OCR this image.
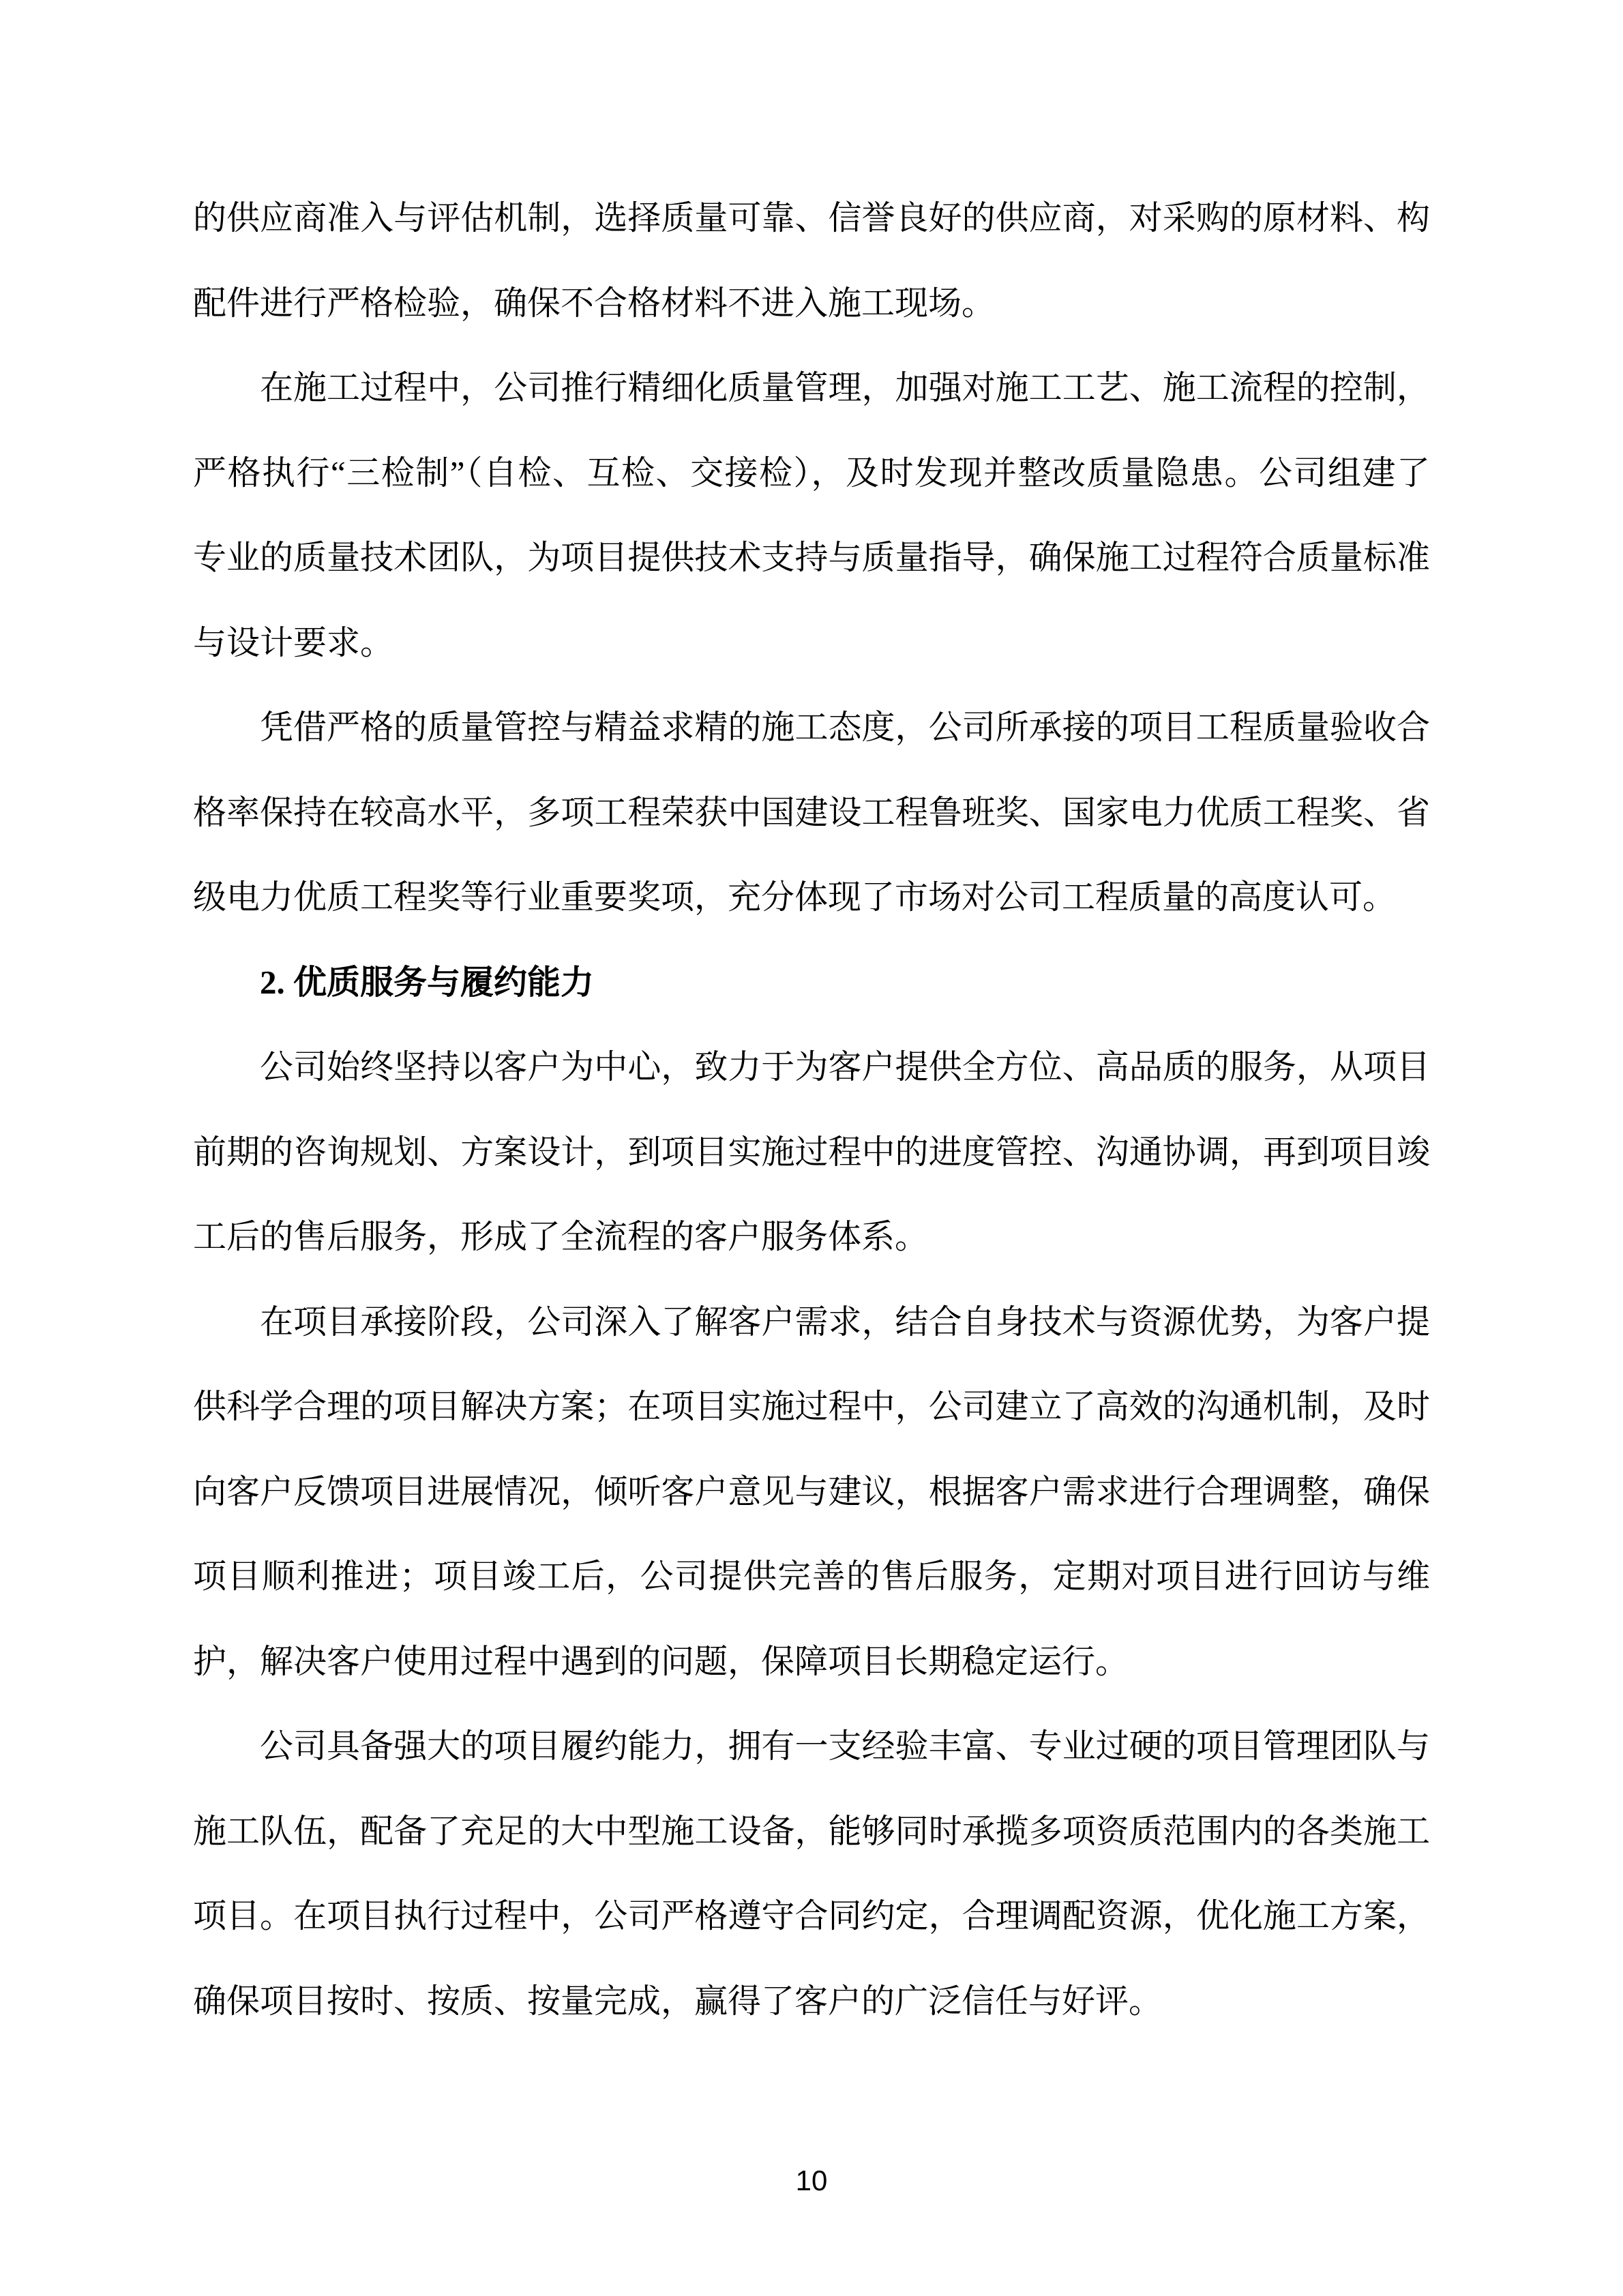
的供应商准入与评估机制，选择质量可靠、信誉良好的供应商，对采购的原材料、构
配件进行严格检验，确保不合格材料不进入施工现场。
在施工过程中，公司推行精细化质量管理，加强对施工工艺、施工流程的控制，
严格执行“三检制”（自检、互检、交接检），及时发现并整改质量隐患。公司组建了
专业的质量技术团队，为项目提供技术支持与质量指导，确保施工过程符合质量标准
与设计要求。
凭借严格的质量管控与精益求精的施工态度，公司所承接的项目工程质量验收合
格率保持在较高水平，多项工程荣获中国建设工程鲁班奖、国家电力优质工程奖、省
级电力优质工程奖等行业重要奖项，充分体现了市场对公司工程质量的高度认可。
2. 优质服务与履约能力
公司始终坚持以客户为中心，致力于为客户提供全方位、高品质的服务，从项目
前期的咨询规划、方案设计，到项目实施过程中的进度管控、沟通协调，再到项目竣
工后的售后服务，形成了全流程的客户服务体系。
在项目承接阶段，公司深入了解客户需求，结合自身技术与资源优势，为客户提
供科学合理的项目解决方案；在项目实施过程中，公司建立了高效的沟通机制，及时
向客户反馈项目进展情况，倾听客户意见与建议，根据客户需求进行合理调整，确保
项目顺利推进；项目竣工后，公司提供完善的售后服务，定期对项目进行回访与维
护，解决客户使用过程中遇到的问题，保障项目长期稳定运行。
公司具备强大的项目履约能力，拥有一支经验丰富、专业过硬的项目管理团队与
施工队伍，配备了充足的大中型施工设备，能够同时承揽多项资质范围内的各类施工
项目。在项目执行过程中，公司严格遵守合同约定，合理调配资源，优化施工方案，
确保项目按时、按质、按量完成，赢得了客户的广泛信任与好评。
10
